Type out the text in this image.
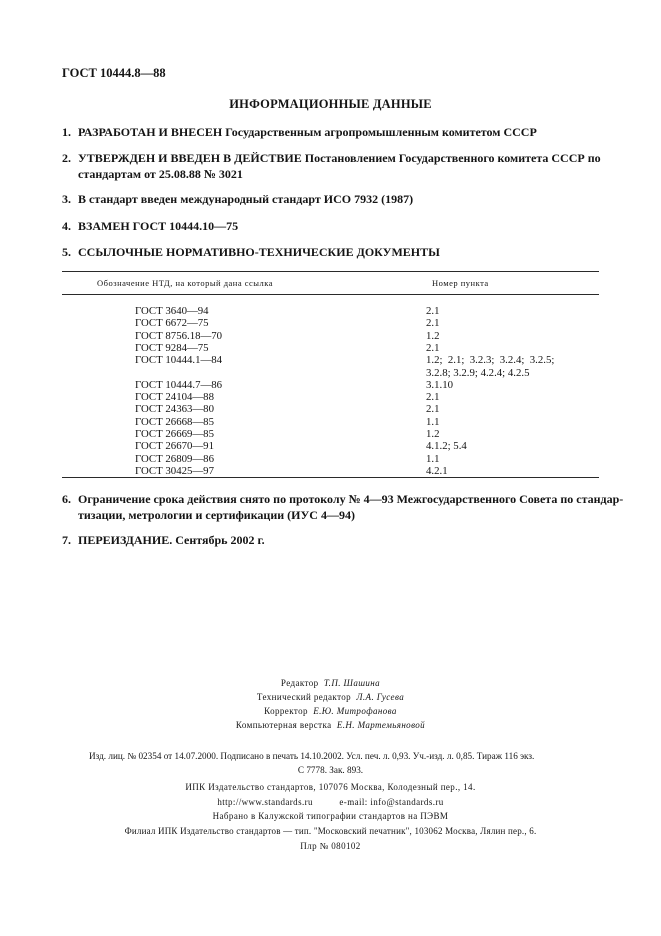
ГОСТ 10444.8—88
ИНФОРМАЦИОННЫЕ ДАННЫЕ
1. РАЗРАБОТАН И ВНЕСЕН Государственным агропромышленным комитетом СССР
2. УТВЕРЖДЕН И ВВЕДЕН В ДЕЙСТВИЕ Постановлением Государственного комитета СССР по
стандартам от 25.08.88 № 3021
3. В стандарт введен международный стандарт ИСО 7932 (1987)
4. ВЗАМЕН ГОСТ 10444.10—75
5. ССЫЛОЧНЫЕ НОРМАТИВНО-ТЕХНИЧЕСКИЕ ДОКУМЕНТЫ
Обозначение НТД, на который дана ссылка	Номер пункта
ГОСТ 3640—94	2.1
ГОСТ 6672—75	2.1
ГОСТ 8756.18—70	1.2
ГОСТ 9284—75	2.1
ГОСТ 10444.1—84	1.2;  2.1;  3.2.3;  3.2.4;  3.2.5;
3.2.8; 3.2.9; 4.2.4; 4.2.5
ГОСТ 10444.7—86	3.1.10
ГОСТ 24104—88	2.1
ГОСТ 24363—80	2.1
ГОСТ 26668—85	1.1
ГОСТ 26669—85	1.2
ГОСТ 26670—91	4.1.2; 5.4
ГОСТ 26809—86	1.1
ГОСТ 30425—97	4.2.1
6. Ограничение срока действия снято по протоколу № 4—93 Межгосударственного Совета по стандар-
тизации, метрологии и сертификации (ИУС 4—94)
7. ПЕРЕИЗДАНИЕ. Сентябрь 2002 г.
Редактор Т.П. Шашина
Технический редактор Л.А. Гусева
Корректор Е.Ю. Митрофанова
Компьютерная верстка Е.Н. Мартемьяновой
Изд. лиц. № 02354 от 14.07.2000. Подписано в печать 14.10.2002. Усл. печ. л. 0,93. Уч.-изд. л. 0,85. Тираж 116 экз.
С 7778. Зак. 893.
ИПК Издательство стандартов, 107076 Москва, Колодезный пер., 14.
http://www.standards.ru          e-mail: info@standards.ru
Набрано в Калужской типографии стандартов на ПЭВМ
Филиал ИПК Издательство стандартов — тип. "Московский печатник", 103062 Москва, Лялин пер., 6.
Плр № 080102
